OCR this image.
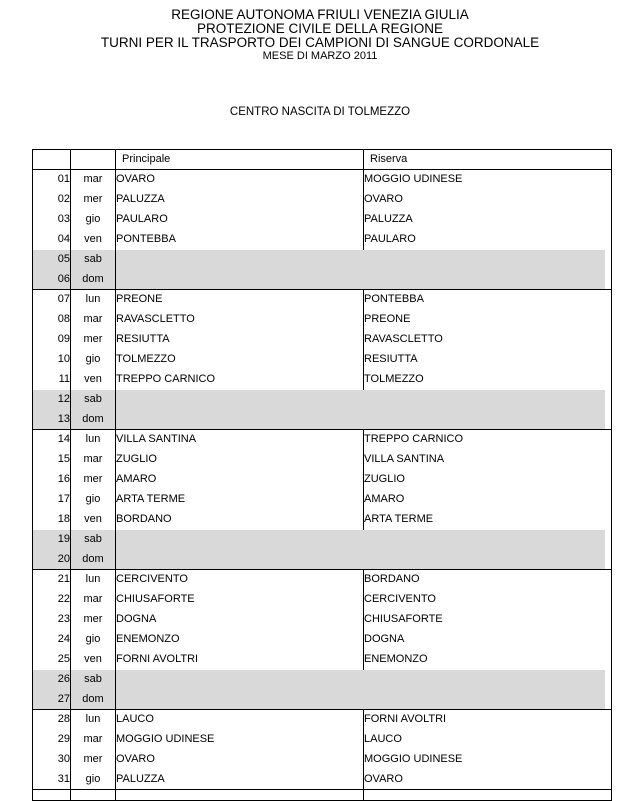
REGIONE AUTONOMA FRIULI VENEZIA GIULIA
PROTEZIONE CIVILE DELLA REGIONE
TURNI PER IL TRASPORTO DEI CAMPIONI DI SANGUE CORDONALE
MESE DI MARZO 2011
CENTRO NASCITA DI TOLMEZZO
		Principale	Riserva
01	mar	OVARO	MOGGIO UDINESE
02	mer	PALUZZA	OVARO
03	gio	PAULARO	PALUZZA
04	ven	PONTEBBA	PAULARO
05	sab		
06	dom		
07	lun	PREONE	PONTEBBA
08	mar	RAVASCLETTO	PREONE
09	mer	RESIUTTA	RAVASCLETTO
10	gio	TOLMEZZO	RESIUTTA
11	ven	TREPPO CARNICO	TOLMEZZO
12	sab		
13	dom		
14	lun	VILLA SANTINA	TREPPO CARNICO
15	mar	ZUGLIO	VILLA SANTINA
16	mer	AMARO	ZUGLIO
17	gio	ARTA TERME	AMARO
18	ven	BORDANO	ARTA TERME
19	sab		
20	dom		
21	lun	CERCIVENTO	BORDANO
22	mar	CHIUSAFORTE	CERCIVENTO
23	mer	DOGNA	CHIUSAFORTE
24	gio	ENEMONZO	DOGNA
25	ven	FORNI AVOLTRI	ENEMONZO
26	sab		
27	dom		
28	lun	LAUCO	FORNI AVOLTRI
29	mar	MOGGIO UDINESE	LAUCO
30	mer	OVARO	MOGGIO UDINESE
31	gio	PALUZZA	OVARO
